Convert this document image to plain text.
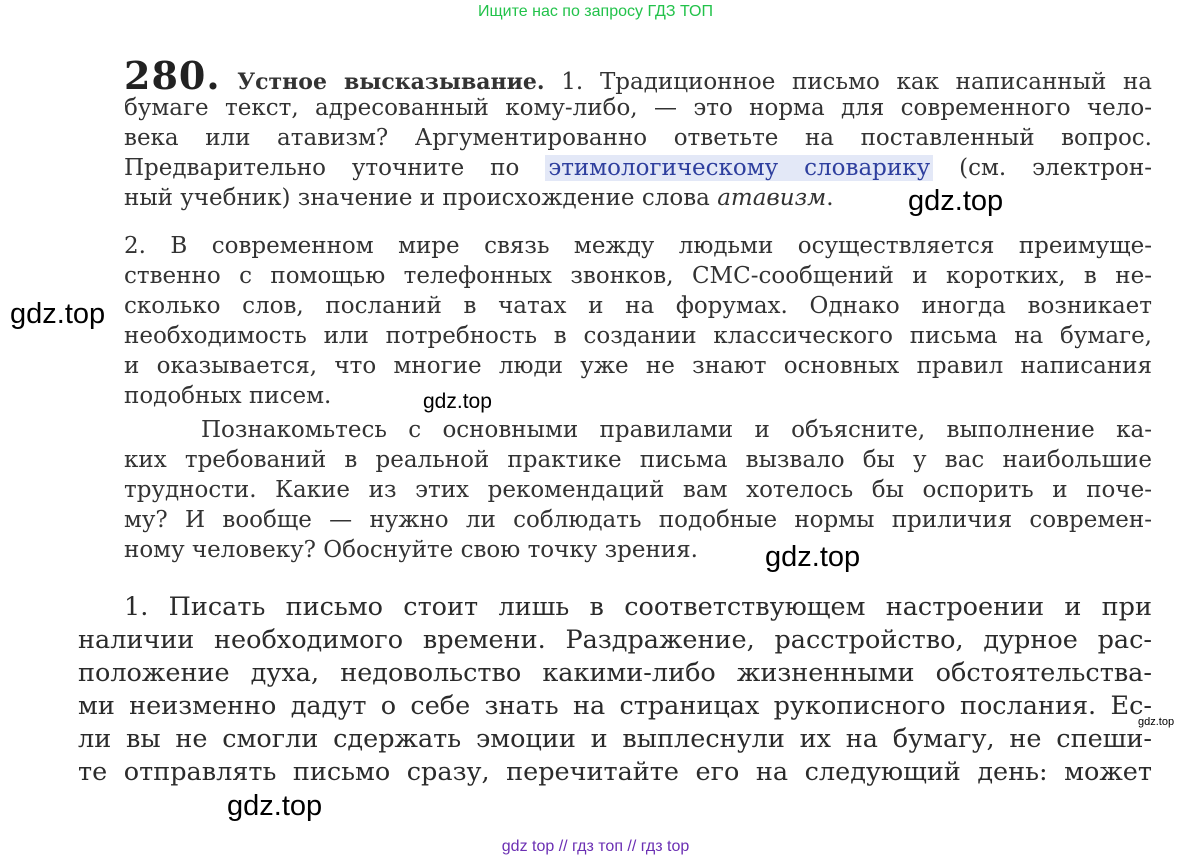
Ищите нас по запросу ГДЗ ТОП
280. Устное высказывание. 1. Традиционное письмо как написанный на
бумаге текст, адресованный кому-либо, — это норма для современного чело-
века или атавизм? Аргументированно ответьте на поставленный вопрос.
Предварительно уточните по этимологическому словарику (см. электрон-
ный учебник) значение и происхождение слова атавизм.
2. В современном мире связь между людьми осуществляется преимуще-
ственно с помощью телефонных звонков, СМС-сообщений и коротких, в не-
сколько слов, посланий в чатах и на форумах. Однако иногда возникает
необходимость или потребность в создании классического письма на бумаге,
и оказывается, что многие люди уже не знают основных правил написания
подобных писем.
Познакомьтесь с основными правилами и объясните, выполнение ка-
ких требований в реальной практике письма вызвало бы у вас наибольшие
трудности. Какие из этих рекомендаций вам хотелось бы оспорить и поче-
му? И вообще — нужно ли соблюдать подобные нормы приличия современ-
ному человеку? Обоснуйте свою точку зрения.
1. Писать письмо стоит лишь в соответствующем настроении и при
наличии необходимого времени. Раздражение, расстройство, дурное рас-
положение духа, недовольство какими-либо жизненными обстоятельства-
ми неизменно дадут о себе знать на страницах рукописного послания. Ес-
ли вы не смогли сдержать эмоции и выплеснули их на бумагу, не спеши-
те отправлять письмо сразу, перечитайте его на следующий день: может
gdz.top
gdz.top
gdz.top
gdz.top
gdz.top
gdz.top
gdz top // гдз топ // гдз top
